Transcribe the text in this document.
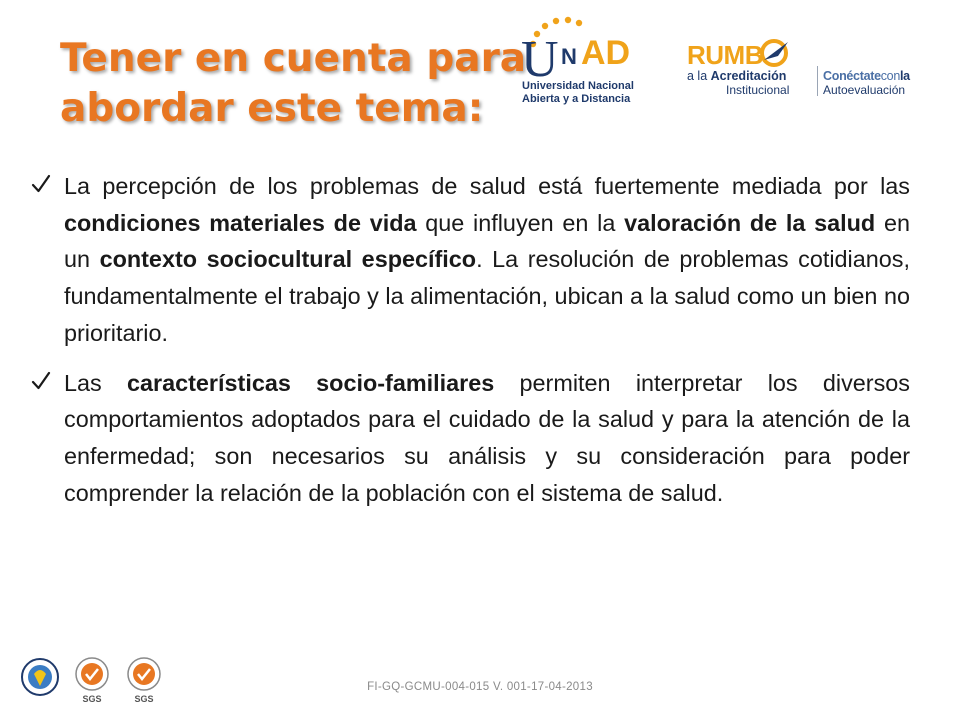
Tener en cuenta para
abordar este tema:
U N AD
Universidad Nacional
Abierta y a Distancia
RUMB
a la Acreditación
Institucional
Conéctateconla
Autoevaluación
La percepción de los problemas de salud está fuertemente mediada por las condiciones materiales de vida que influyen en la valoración de la salud en un contexto sociocultural específico. La resolución de problemas cotidianos, fundamentalmente el trabajo y la alimentación, ubican a la salud como un bien no prioritario.
Las características socio-familiares permiten interpretar los diversos comportamientos adoptados para el cuidado de la salud y para la atención de la enfermedad; son necesarios su análisis y su consideración para poder comprender la relación de la población con el sistema de salud.
SGS	SGS
FI-GQ-GCMU-004-015 V. 001-17-04-2013
